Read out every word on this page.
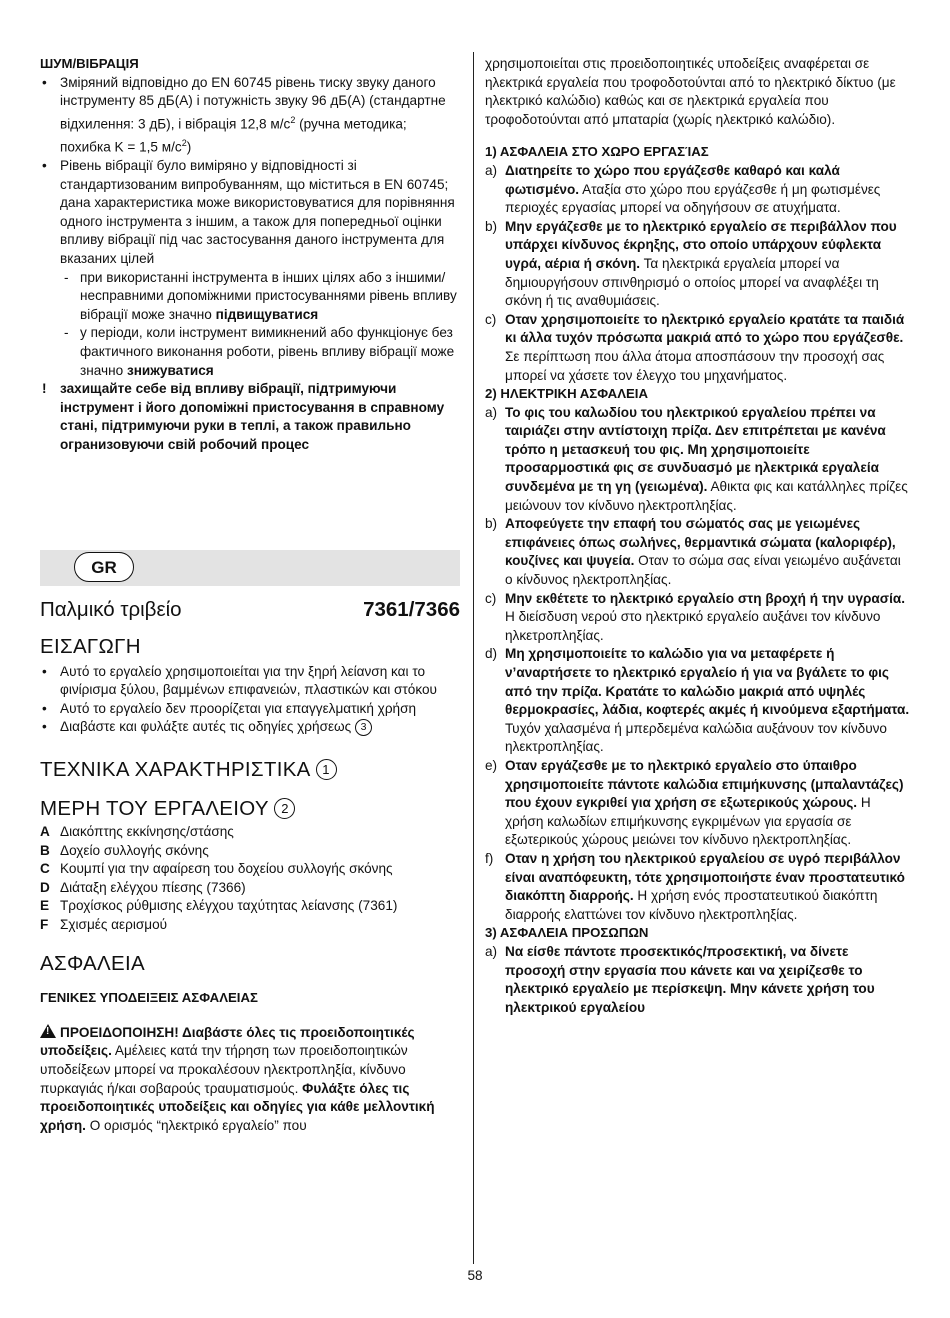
ШУМ/ВІБРАЦІЯ

• Зміряний відповідно до EN 60745 рівень тиску звуку даного інструменту 85 дБ(A) і потужність звуку 96 дБ(A) (стандартне відхилення: 3 дБ), і вібрація 12,8 $м/с^2$ (ручна методика; похибка K = 1,5 $м/с^2$)
• Рівень вібрації було виміряно у відповідності зі стандартизованим випробуванням, що міститься в EN 60745; дана характеристика може використовуватися для порівняння одного інструмента з іншим, а також для попередньої оцінки впливу вібрації під час застосування даного інструмента для вказаних цілей
- при використанні інструмента в інших цілях або з іншими/несправними допоміжними пристосуваннями рівень впливу вібрації може значно підвищуватися
- у періоди, коли інструмент вимикнений або функціонує без фактичного виконання роботи, рівень впливу вібрації може значно знижуватися
! захищайте себе від впливу вібрації, підтримуючи інструмент і його допоміжні пристосування в справному стані, підтримуючи руки в теплі, а також правильно огранизовуючи свій робочий процес
GR
Παλμικό τριβείο	7361/7366
ΕΙΣΑΓΩΓΗ
• Αυτό το εργαλείο χρησιμοποιείται για την ξηρή λείανση και το φινίρισμα ξύλου, βαμμένων επιφανειών, πλαστικών και στόκου
• Αυτό το εργαλείο δεν προορίζεται για επαγγελματική χρήση
• Διαβάστε και φυλάξτε αυτές τις οδηγίες χρήσεως 3
ΤΕΧΝΙΚΑ ΧΑΡΑΚΤΗΡΙΣΤΙΚΑ 1
ΜΕΡΗ ΤΟΥ ΕΡΓΑΛΕΙΟΥ 2
A Διακόπτης εκκίνησης/στάσης
B Δοχείο συλλογής σκόνης
C Κουμπί για την αφαίρεση του δοχείου συλλογής σκόνης
D Διάταξη ελέγχου πίεσης (7366)
E Τροχίσκος ρύθμισης ελέγχου ταχύτητας λείανσης (7361)
F Σχισμές αερισμού
ΑΣΦΑΛΕΙΑ

ΓΕΝΙΚΕΣ ΥΠΟΔΕΙΞΕΙΣ ΑΣΦΑΛΕΙΑΣ

!ΠΡΟΕΙΔΟΠΟΙΗΣΗ! Διαβάστε όλες τις προειδοποιητικές υποδείξεις. Αμέλειες κατά την τήρηση των προειδοποιητικών υποδείξεων μπορεί να προκαλέσουν ηλεκτροπληξία, κίνδυνο πυρκαγιάς ή/και σοβαρούς τραυματισμούς. Φυλάξτε όλες τις προειδοποιητικές υποδείξεις και οδηγίες για κάθε μελλοντική χρήση. Ο ορισμός “ηλεκτρικό εργαλείο” που

χρησιμοποιείται στις προειδοποιητικές υποδείξεις αναφέρεται σε ηλεκτρικά εργαλεία που τροφοδοτούνται από το ηλεκτρικό δίκτυο (με ηλεκτρικό καλώδιο) καθώς και σε ηλεκτρικά εργαλεία που τροφοδοτούνται από μπαταρία (χωρίς ηλεκτρικό καλώδιο).

1) ΑΣΦΑΛΕΙΑ ΣΤΟ ΧΩΡΟ ΕΡΓΑΣΊΑΣ

a) Διατηρείτε το χώρο που εργάζεσθε καθαρό και καλά φωτισμένο. Αταξία στο χώρο που εργάζεσθε ή μη φωτισμένες περιοχές εργασίας μπορεί να οδηγήσουν σε ατυχήματα.
b) Μην εργάζεσθε με το ηλεκτρικό εργαλείο σε περιβάλλον που υπάρχει κίνδυνος έκρηξης, στο οποίο υπάρχουν εύφλεκτα υγρά, αέρια ή σκόνη. Τα ηλεκτρικά εργαλεία μπορεί να δημιουργήσουν σπινθηρισμό ο οποίος μπορεί να αναφλέξει τη σκόνη ή τις αναθυμιάσεις.
c) Οταν χρησιμοποιείτε το ηλεκτρικό εργαλείο κρατάτε τα παιδιά κι άλλα τυχόν πρόσωπα μακριά από το χώρο που εργάζεσθε. Σε περίπτωση που άλλα άτομα αποσπάσουν την προσοχή σας μπορεί να χάσετε τον έλεγχο του μηχανήματος.

2) ΗΛΕΚΤΡΙΚΗ ΑΣΦΑΛΕΙΑ

a) Το φις του καλωδίου του ηλεκτρικού εργαλείου πρέπει να ταιριάζει στην αντίστοιχη πρίζα. Δεν επιτρέπεται με κανένα τρόπο η μετασκευή του φις. Μη χρησιμοποιείτε προσαρμοστικά φις σε συνδυασμό με ηλεκτρικά εργαλεία συνδεμένα με τη γη (γειωμένα). Αθικτα φις και κατάλληλες πρίζες μειώνουν τον κίνδυνο ηλεκτροπληξίας.
b) Αποφεύγετε την επαφή του σώματός σας με γειωμένες επιφάνειες όπως σωλήνες, θερμαντικά σώματα (καλοριφέρ), κουζίνες και ψυγεία. Οταν το σώμα σας είναι γειωμένο αυξάνεται ο κίνδυνος ηλεκτροπληξίας.
c) Μην εκθέτετε το ηλεκτρικό εργαλείο στη βροχή ή την υγρασία. Η διείσδυση νερού στο ηλεκτρικό εργαλείο αυξάνει τον κίνδυνο ηλκετροπληξίας.
d) Μη χρησιμοποιείτε το καλώδιο για να μεταφέρετε ή ν’αναρτήσετε το ηλεκτρικό εργαλείο ή για να βγάλετε το φις από την πρίζα. Κρατάτε το καλώδιο μακριά από υψηλές θερμοκρασίες, λάδια, κοφτερές ακμές ή κινούμενα εξαρτήματα. Τυχόν χαλασμένα ή μπερδεμένα καλώδια αυξάνουν τον κίνδυνο ηλεκτροπληξίας.
e) Οταν εργάζεσθε με το ηλεκτρικό εργαλείο στο ύπαιθρο χρησιμοποιείτε πάντοτε καλώδια επιμήκυνσης (μπαλαντάζες) που έχουν εγκριθεί για χρήση σε εξωτερικούς χώρους. Η χρήση καλωδίων επιμήκυνσης εγκριμένων για εργασία σε εξωτερικούς χώρους μειώνει τον κίνδυνο ηλεκτροπληξίας.
f) Οταν η χρήση του ηλεκτρικού εργαλείου σε υγρό περιβάλλον είναι αναπόφευκτη, τότε χρησιμοποιήστε έναν προστατευτικό διακόπτη διαρροής. Η χρήση ενός προστατευτικού διακόπτη διαρροής ελαττώνει τον κίνδυνο ηλεκτροπληξίας.

3) ΑΣΦΑΛΕΙΑ ΠΡΟΣΩΠΩΝ

a) Να είσθε πάντοτε προσεκτικός/προσεκτική, να δίνετε προσοχή στην εργασία που κάνετε και να χειρίζεσθε το ηλεκτρικό εργαλείο με περίσκεψη. Μην κάνετε χρήση του ηλεκτρικού εργαλείου
58
